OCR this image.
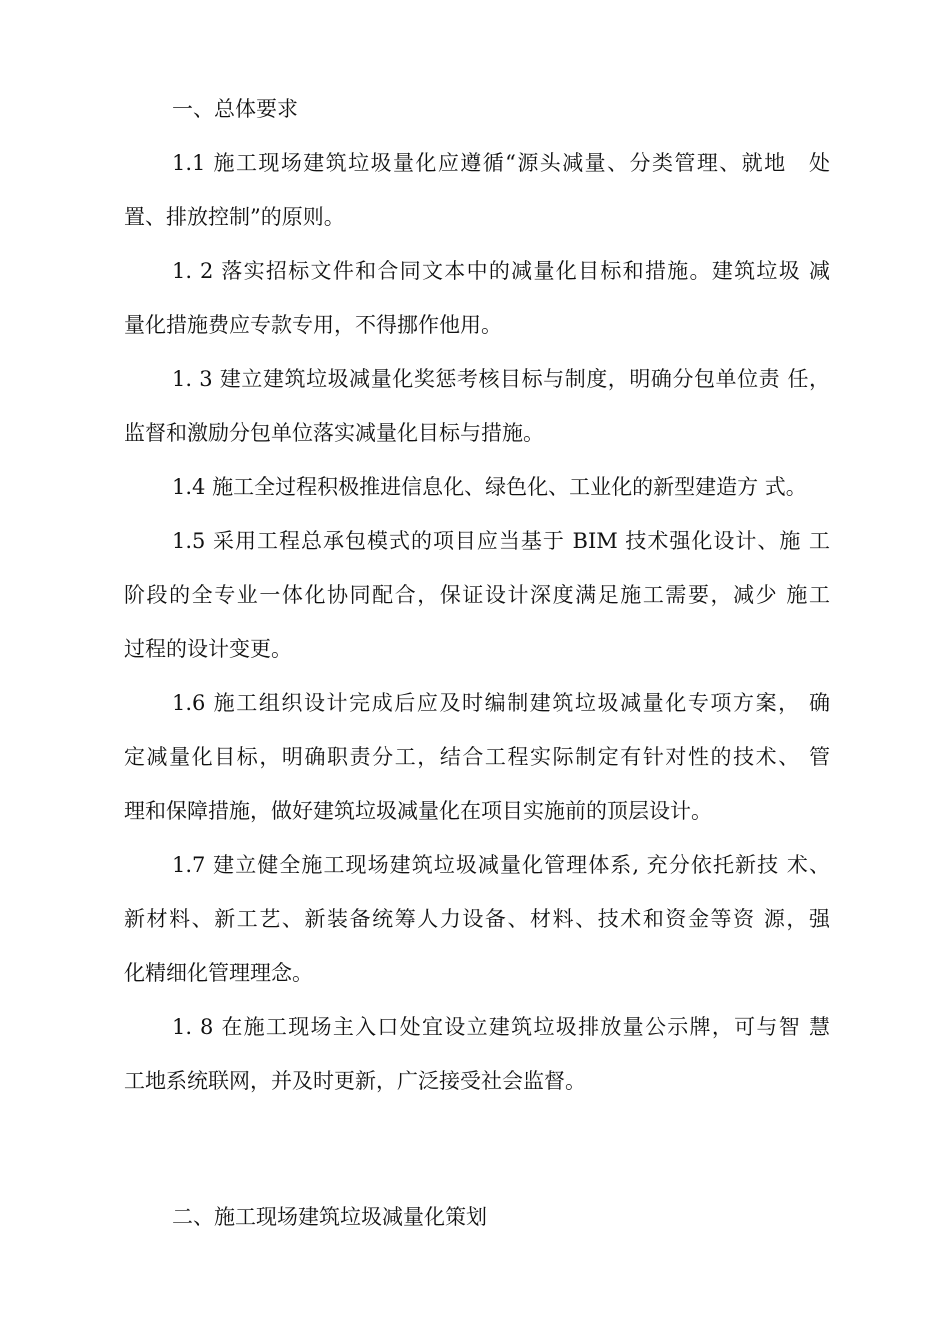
一、总体要求

1.1 施工现场建筑垃圾量化应遵循“源头减量、分类管理、就地　处
置、排放控制”的原则。

1. 2 落实招标文件和合同文本中的减量化目标和措施。建筑垃圾 减
量化措施费应专款专用，不得挪作他用。

1. 3 建立建筑垃圾减量化奖惩考核目标与制度，明确分包单位责 任，
监督和激励分包单位落实减量化目标与措施。

1.4 施工全过程积极推进信息化、绿色化、工业化的新型建造方 式。

1.5 采用工程总承包模式的项目应当基于 BIM 技术强化设计、施 工
阶段的全专业一体化协同配合，保证设计深度满足施工需要，减少 施工
过程的设计变更。

1.6 施工组织设计完成后应及时编制建筑垃圾减量化专项方案， 确
定减量化目标，明确职责分工，结合工程实际制定有针对性的技术、 管
理和保障措施，做好建筑垃圾减量化在项目实施前的顶层设计。

1.7 建立健全施工现场建筑垃圾减量化管理体系, 充分依托新技 术、
新材料、新工艺、新装备统筹人力设备、材料、技术和资金等资 源，强
化精细化管理理念。

1. 8 在施工现场主入口处宜设立建筑垃圾排放量公示牌，可与智 慧
工地系统联网，并及时更新，广泛接受社会监督。

二、施工现场建筑垃圾减量化策划
